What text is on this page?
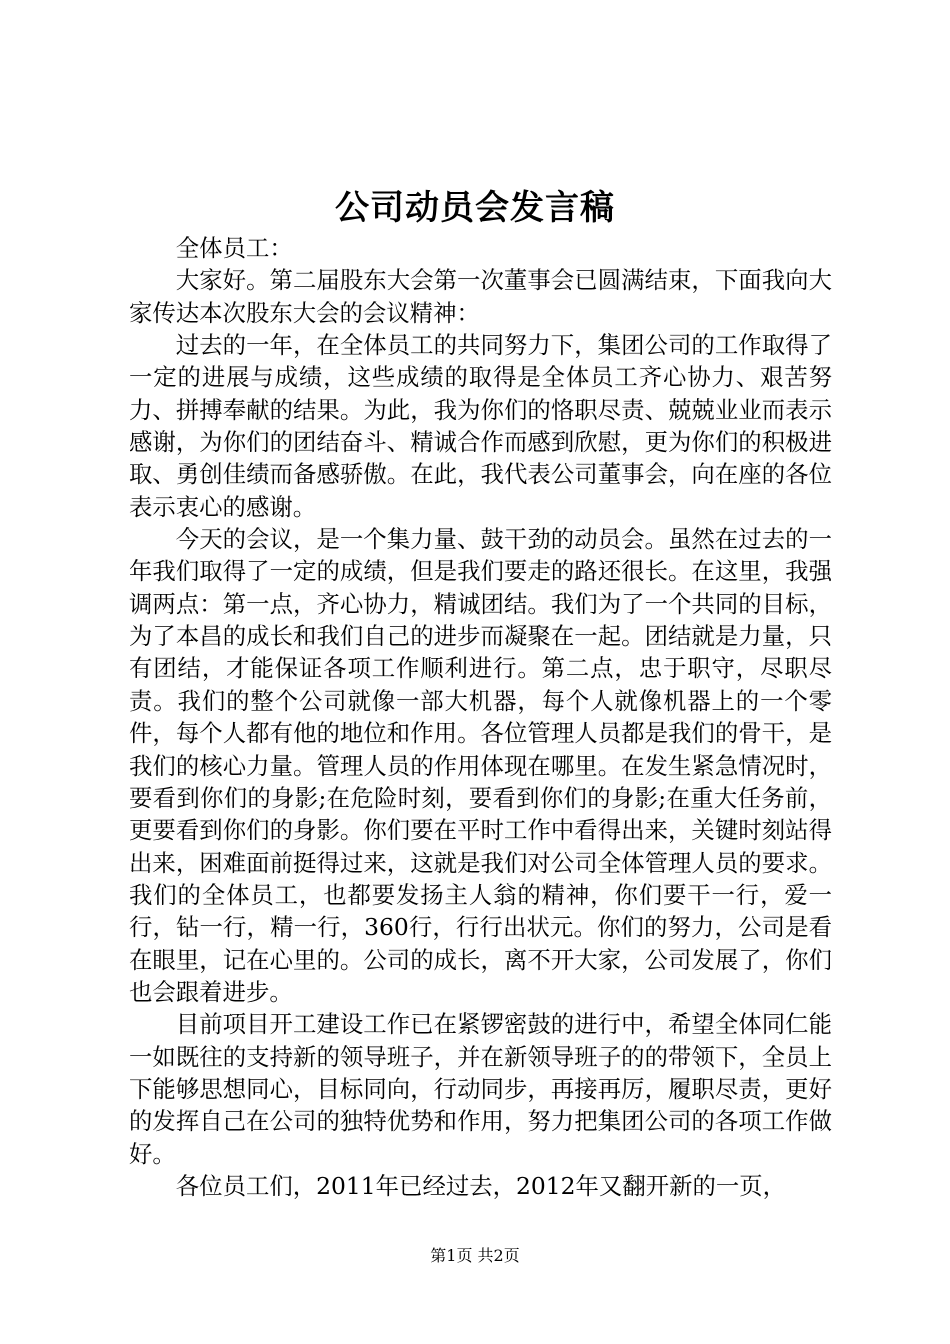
公司动员会发言稿

全体员工：

大家好。第二届股东大会第一次董事会已圆满结束，下面我向大家传达本次股东大会的会议精神：

过去的一年，在全体员工的共同努力下，集团公司的工作取得了一定的进展与成绩，这些成绩的取得是全体员工齐心协力、艰苦努力、拼搏奉献的结果。为此，我为你们的恪职尽责、兢兢业业而表示感谢，为你们的团结奋斗、精诚合作而感到欣慰，更为你们的积极进取、勇创佳绩而备感骄傲。在此，我代表公司董事会，向在座的各位表示衷心的感谢。

今天的会议，是一个集力量、鼓干劲的动员会。虽然在过去的一年我们取得了一定的成绩，但是我们要走的路还很长。在这里，我强调两点：第一点，齐心协力，精诚团结。我们为了一个共同的目标，为了本昌的成长和我们自己的进步而凝聚在一起。团结就是力量，只有团结，才能保证各项工作顺利进行。第二点，忠于职守，尽职尽责。我们的整个公司就像一部大机器，每个人就像机器上的一个零件，每个人都有他的地位和作用。各位管理人员都是我们的骨干，是我们的核心力量。管理人员的作用体现在哪里。在发生紧急情况时，要看到你们的身影;在危险时刻，要看到你们的身影;在重大任务前，更要看到你们的身影。你们要在平时工作中看得出来，关键时刻站得出来，困难面前挺得过来，这就是我们对公司全体管理人员的要求。我们的全体员工，也都要发扬主人翁的精神，你们要干一行，爱一行，钻一行，精一行，360行，行行出状元。你们的努力，公司是看在眼里，记在心里的。公司的成长，离不开大家，公司发展了，你们也会跟着进步。

目前项目开工建设工作已在紧锣密鼓的进行中，希望全体同仁能一如既往的支持新的领导班子，并在新领导班子的的带领下，全员上下能够思想同心，目标同向，行动同步，再接再厉，履职尽责，更好的发挥自己在公司的独特优势和作用，努力把集团公司的各项工作做好。

各位员工们，2011年已经过去，2012年又翻开新的一页，

第1页 共2页
